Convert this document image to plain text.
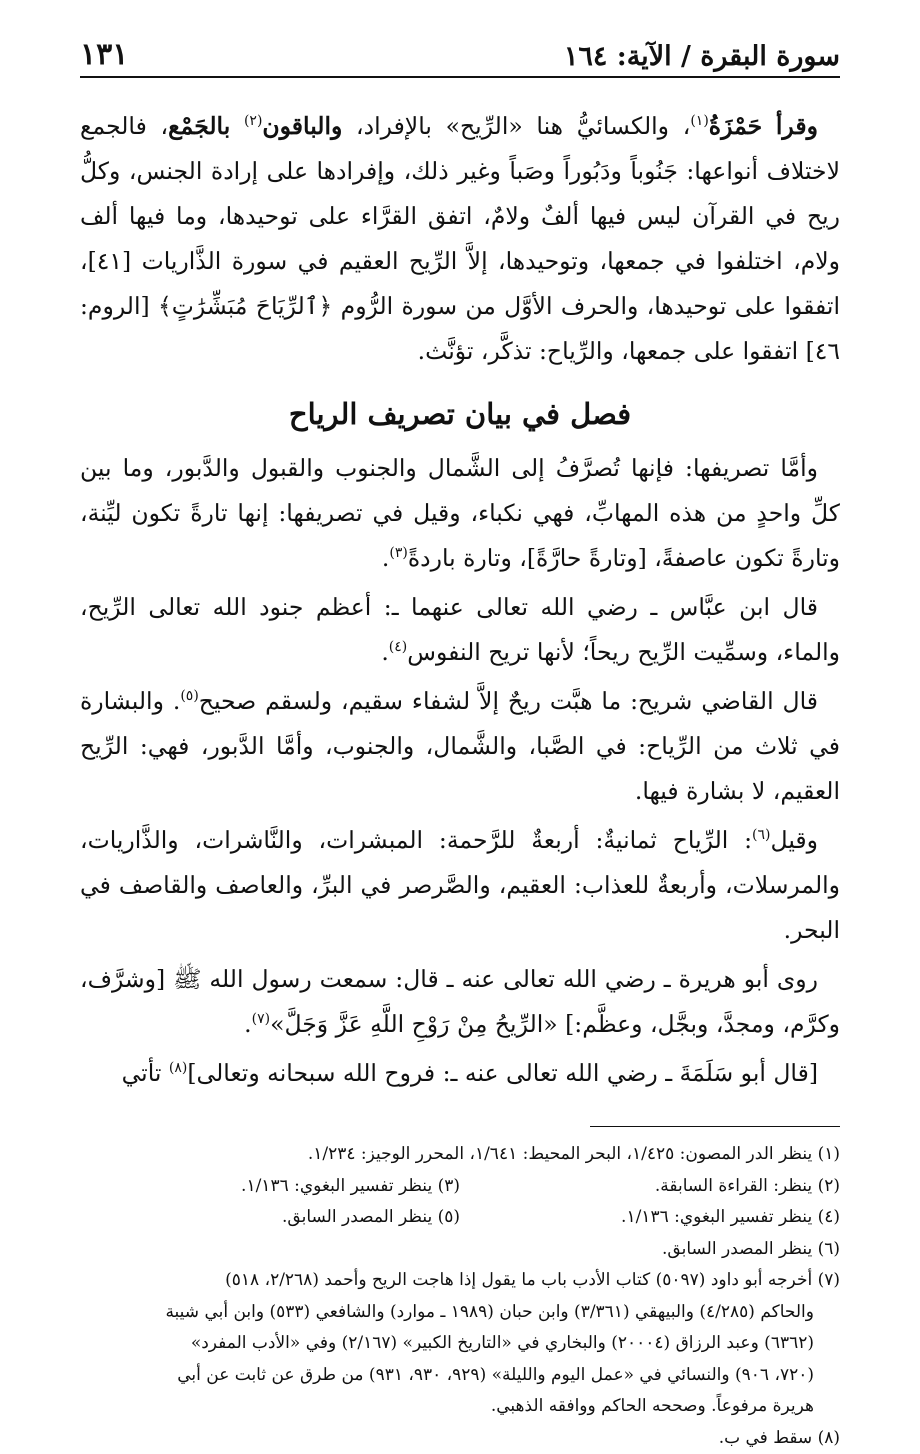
سورة البقرة / الآية: ١٦٤
١٣١

وقرأ حَمْزَةُ$^{(١)}$، والكسائيُّ هنا «الرِّيح» بالإفراد، والباقون$^{(٢)}$ بالجَمْع، فالجمع لاختلاف أنواعها: جَنُوباً ودَبُوراً وصَباً وغير ذلك، وإفرادها على إرادة الجنس، وكلُّ ريح في القرآن ليس فيها ألفٌ ولامٌ، اتفق القرَّاء على توحيدها، وما فيها ألف ولام، اختلفوا في جمعها، وتوحيدها، إلاَّ الرِّيح العقيم في سورة الذَّاريات [٤١]، اتفقوا على توحيدها، والحرف الأوَّل من سورة الرُّوم ﴿ٱلرِّيَاحَ مُبَشِّرَٰتٍ﴾ [الروم: ٤٦] اتفقوا على جمعها، والرِّياح: تذكَّر، تؤنَّث.

فصل في بيان تصريف الرياح

وأمَّا تصريفها: فإنها تُصرَّفُ إلى الشَّمال والجنوب والقبول والدَّبور، وما بين كلِّ واحدٍ من هذه المهابِّ، فهي نكباء، وقيل في تصريفها: إنها تارةً تكون ليِّنة، وتارةً تكون عاصفةً، [وتارةً حارَّةً]، وتارة باردةً$^{(٣)}$.

قال ابن عبَّاس ـ رضي الله تعالى عنهما ـ: أعظم جنود الله تعالى الرِّيح، والماء، وسمِّيت الرِّيح ريحاً؛ لأنها تريح النفوس$^{(٤)}$.

قال القاضي شريح: ما هبَّت ريحٌ إلاَّ لشفاء سقيم، ولسقم صحيح$^{(٥)}$. والبشارة في ثلاث من الرِّياح: في الصَّبا، والشَّمال، والجنوب، وأمَّا الدَّبور، فهي: الرِّيح العقيم، لا بشارة فيها.

وقيل$^{(٦)}$: الرِّياح ثمانيةٌ: أربعةٌ للرَّحمة: المبشرات، والنَّاشرات، والذَّاريات، والمرسلات، وأربعةٌ للعذاب: العقيم، والصَّرصر في البرِّ، والعاصف والقاصف في البحر.

روى أبو هريرة ـ رضي الله تعالى عنه ـ قال: سمعت رسول الله ﷺ [وشرَّف، وكرَّم، ومجدَّ، وبجَّل، وعظَّم:] «الرِّيحُ مِنْ رَوْحِ اللَّهِ عَزَّ وَجَلَّ»$^{(٧)}$.

[قال أبو سَلَمَةَ ـ رضي الله تعالى عنه ـ: فروح الله سبحانه وتعالى]$^{(٨)}$ تأتي

(١) ينظر الدر المصون: ١/٤٢٥، البحر المحيط: ١/٦٤١، المحرر الوجيز: ١/٢٣٤.

(٢) ينظر: القراءة السابقة.
(٣) ينظر تفسير البغوي: ١/١٣٦.
(٤) ينظر تفسير البغوي: ١/١٣٦.
(٥) ينظر المصدر السابق.

(٦) ينظر المصدر السابق.

(٧) أخرجه أبو داود (٥٠٩٧) كتاب الأدب باب ما يقول إذا هاجت الريح وأحمد (٢/٢٦٨، ٥١٨)

والحاكم (٤/٢٨٥) والبيهقي (٣/٣٦١) وابن حبان (١٩٨٩ ـ موارد) والشافعي (٥٣٣) وابن أبي شيبة

(٦٣٦٢) وعبد الرزاق (٢٠٠٠٤) والبخاري في «التاريخ الكبير» (٢/١٦٧) وفي «الأدب المفرد»

(٧٢٠، ٩٠٦) والنسائي في «عمل اليوم والليلة» (٩٢٩، ٩٣٠، ٩٣١) من طرق عن ثابت عن أبي

هريرة مرفوعاً. وصححه الحاكم ووافقه الذهبي.

(٨) سقط في ب.
